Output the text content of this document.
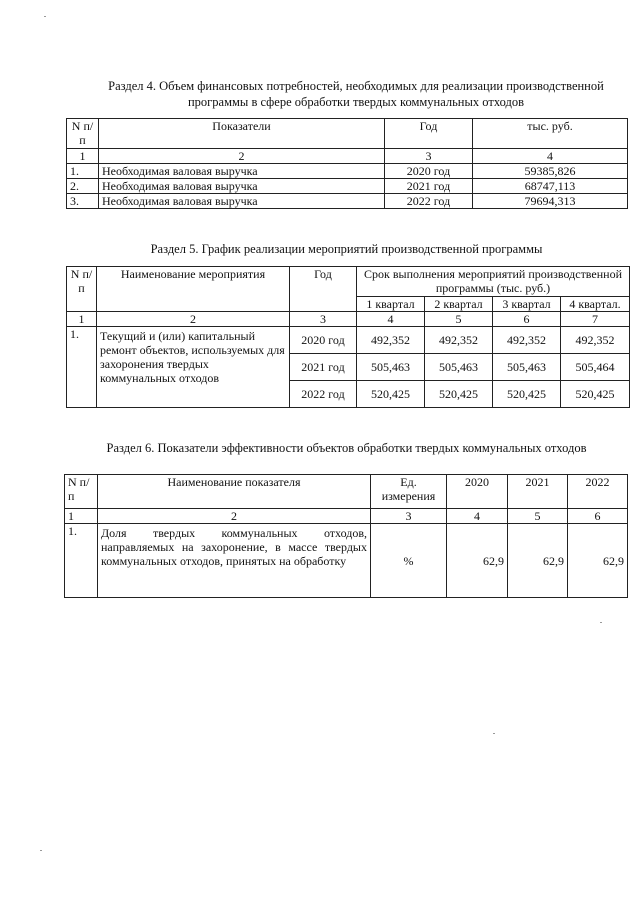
Раздел 4. Объем финансовых потребностей, необходимых для реализации производственной программы в сфере обработки твердых коммунальных отходов
N п/п	Показатели	Год	тыс. руб.
1	2	3	4
1.	Необходимая валовая выручка	2020 год	59385,826
2.	Необходимая валовая выручка	2021 год	68747,113
3.	Необходимая валовая выручка	2022 год	79694,313
Раздел 5. График реализации мероприятий производственной программы
N п/ п	Наименование мероприятия	Год	Срок выполнения мероприятий производственной программы (тыс. руб.)			
			1 квартал	2 квартал	3 квартал	4 квартал.
1	2	3	4	5	6	7
1.	Текущий и (или) капитальный ремонт объектов, используемых для захоронения твердых коммунальных отходов	2020 год	492,352	492,352	492,352	492,352
		2021 год	505,463	505,463	505,463	505,464
		2022 год	520,425	520,425	520,425	520,425
Раздел 6. Показатели эффективности объектов обработки твердых коммунальных отходов
N п/п	Наименование показателя	Ед. измерения	2020	2021	2022
1	2	3	4	5	6
1.	Доля твердых коммунальных отходов, направляемых на захоронение, в массе твердых коммунальных отходов, принятых на обработку	%	62,9	62,9	62,9
